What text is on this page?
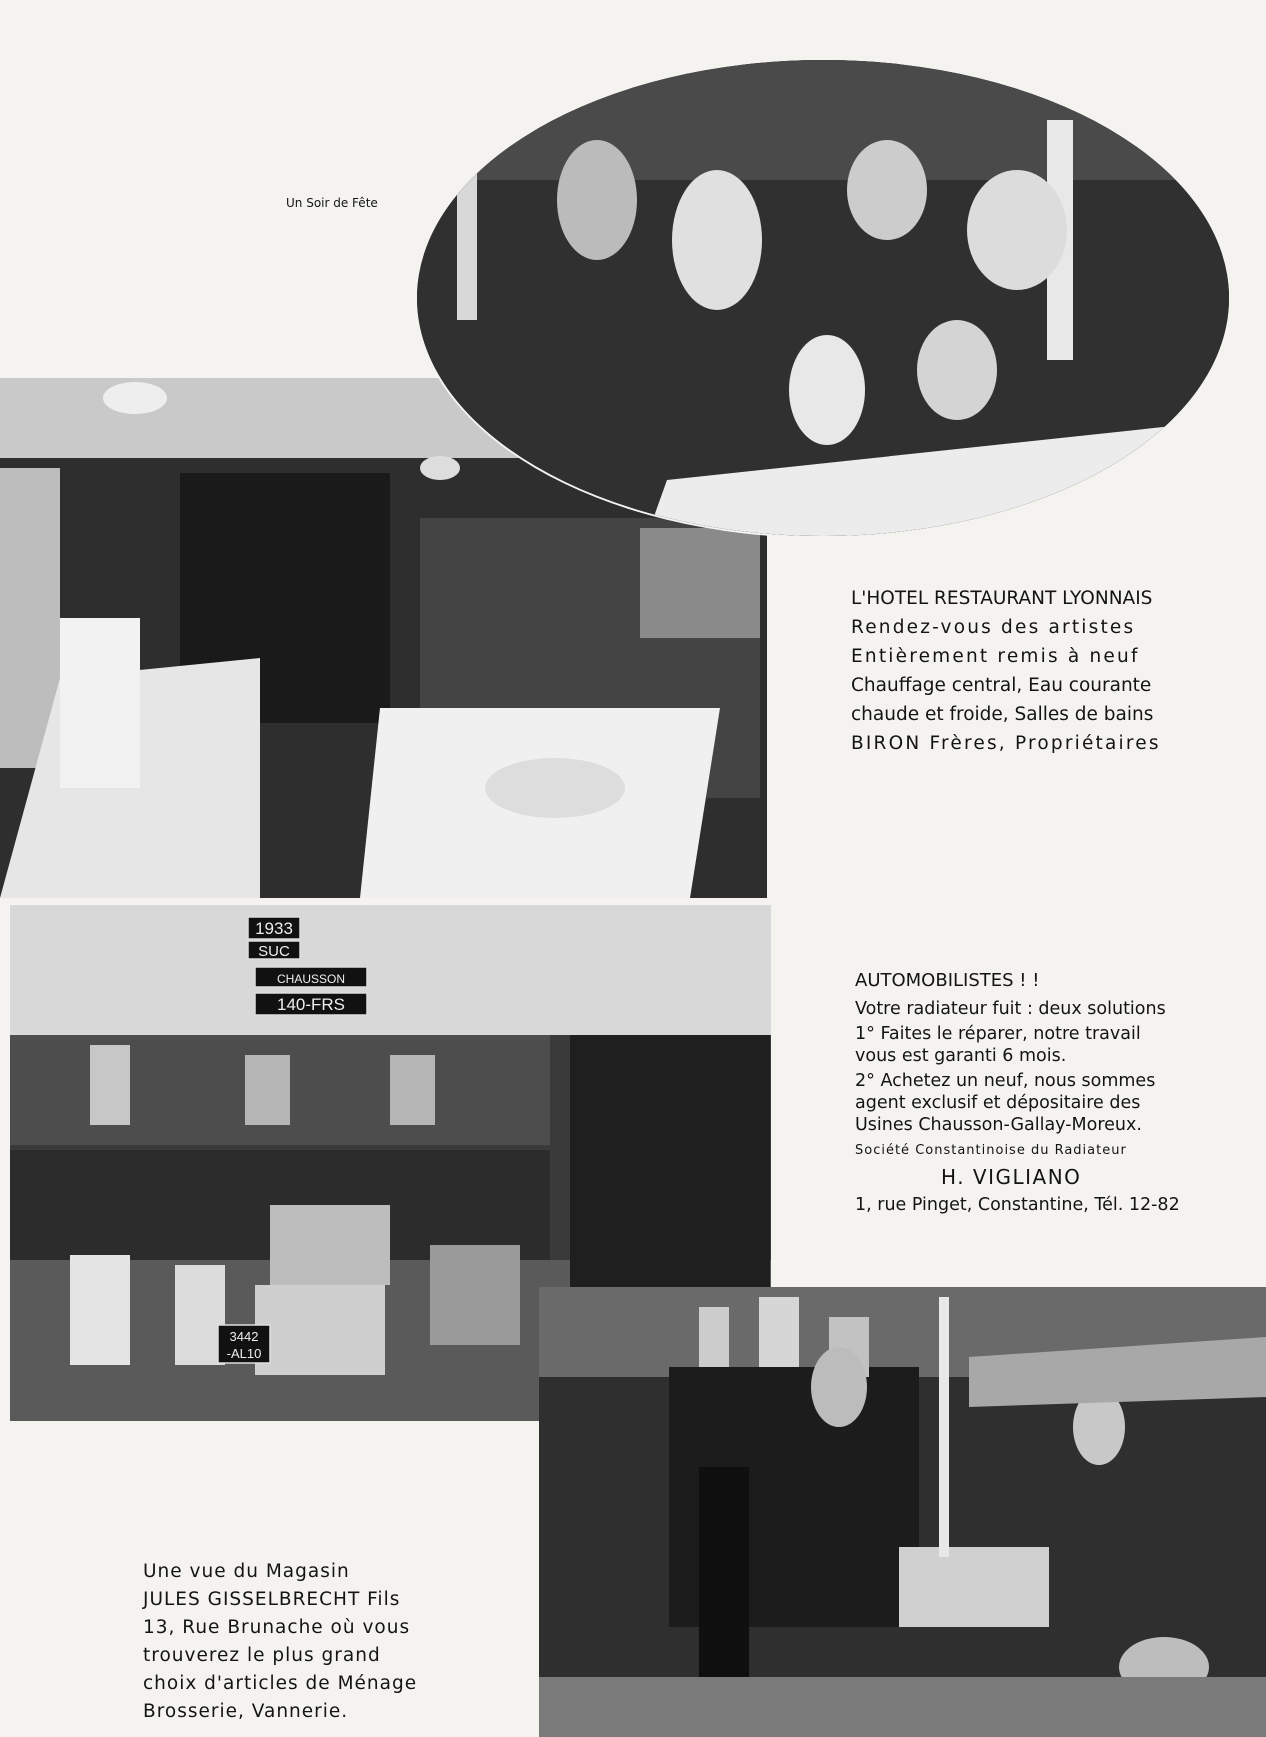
Un Soir de Fête

L'HOTEL RESTAURANT LYONNAIS

Rendez-vous des artistes

Entièrement remis à neuf

Chauffage central, Eau courante

chaude et froide, Salles de bains

BIRON Frères, Propriétaires

1933
SUC
CHAUSSON
140-FRS
3442
-AL10

AUTOMOBILISTES ! !

Votre radiateur fuit : deux solutions

1° Faites le réparer, notre travail

vous est garanti 6 mois.

2° Achetez un neuf, nous sommes

agent exclusif et dépositaire des

Usines Chausson-Gallay-Moreux.

Société Constantinoise du Radiateur

H. VIGLIANO

1, rue Pinget, Constantine, Tél. 12-82

Une vue du Magasin

JULES GISSELBRECHT Fils

13, Rue Brunache où vous

trouverez le plus grand

choix d'articles de Ménage

Brosserie, Vannerie.
